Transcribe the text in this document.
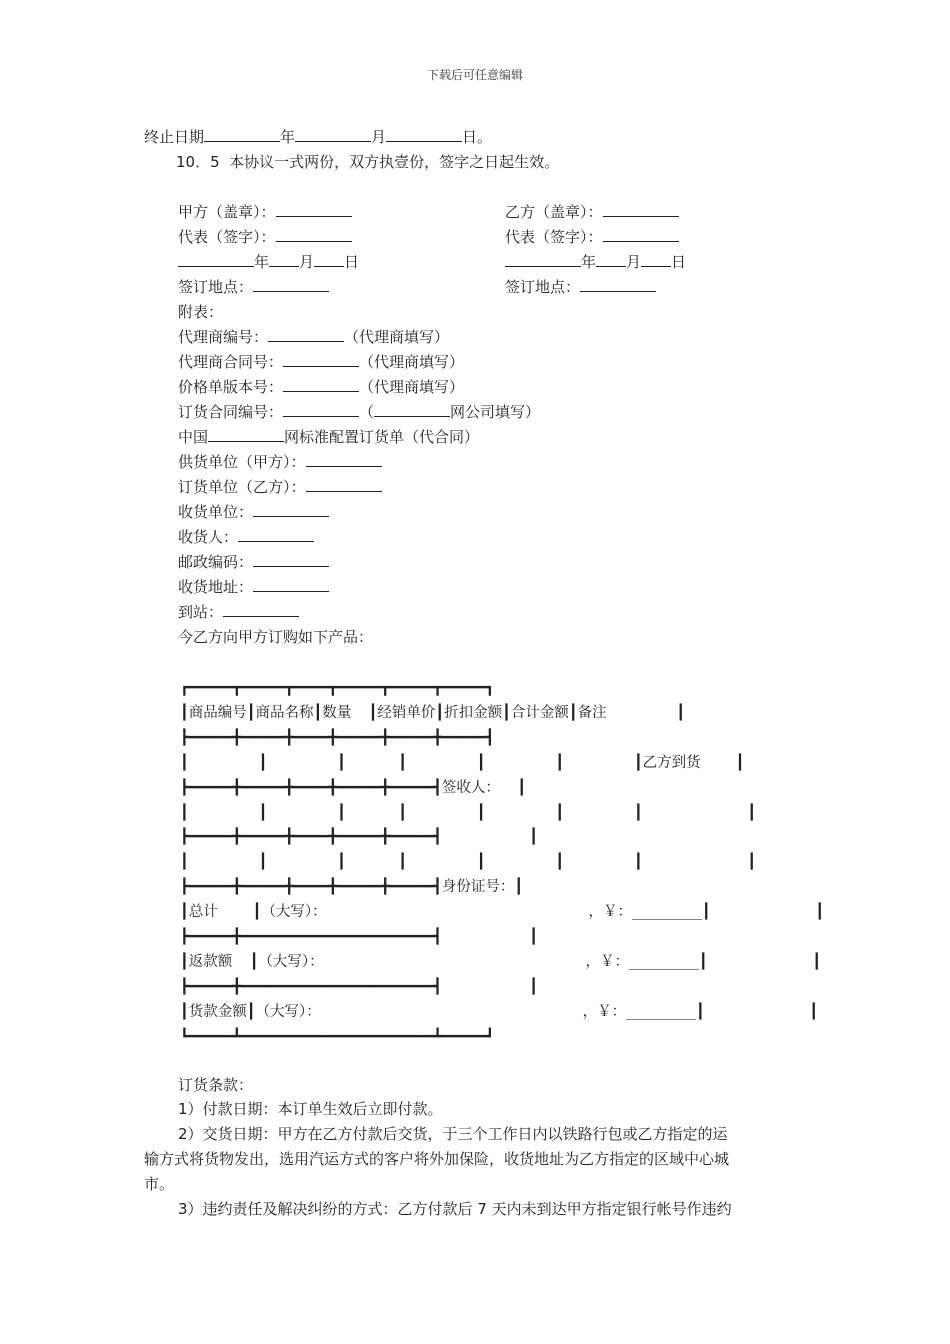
下载后可任意编辑
终止日期	年	月	日。
10．5  本协议一式两份，双方执壹份，签字之日起生效。
甲方（盖章）：	乙方（盖章）：
代表（签字）：	代表（签字）：
年 月 日	年 月 日
签订地点：	签订地点：
附表：
代理商编号：	（代理商填写）
代理商合同号：	（代理商填写）
价格单版本号：	（代理商填写）
订货合同编号：	（	网公司填写）
中国	网标准配置订货单（代合同）
供货单位（甲方）：
订货单位（乙方）：
收货单位：
收货人：
邮政编码：
收货地址：
到站：
今乙方向甲方订购如下产品：
┏━━━━━┳━━━━━┳━━━━┳━━━━━┳━━━━━┳━━━━━┓
┃商品编号┃商品名称┃数量  ┃经销单价┃折扣金额┃合计金额┃备注        ┃
┣━━━━━╋━━━━━╋━━━━╋━━━━━╋━━━━━╋━━━━━┫
┃        ┃        ┃      ┃        ┃        ┃        ┃乙方到货    ┃
┣━━━━━╋━━━━━╋━━━━╋━━━━━╋━━━━━┫签收人：  ┃
┃        ┃        ┃      ┃        ┃        ┃        ┃            ┃
┣━━━━━╋━━━━━╋━━━━╋━━━━━╋━━━━━┫          ┃
┃        ┃        ┃      ┃        ┃        ┃        ┃            ┃
┣━━━━━╋━━━━━╋━━━━╋━━━━━╋━━━━━┫身份证号：┃
┃总计    ┃（大写）：                              ，￥：________┃            ┃
┣━━━━━╋━━━━━━━━━━━━━━━━━━━━━━┫          ┃
┃返款额  ┃（大写）：                              ，￥：________┃            ┃
┣━━━━━╋━━━━━━━━━━━━━━━━━━━━━━┫          ┃
┃货款金额┃（大写）：                              ，￥：________┃            ┃
┗━━━━━┻━━━━━━━━━━━━━━━━━━━━━━┻━━━━━┛
订货条款：
1）付款日期：本订单生效后立即付款。
2）交货日期：甲方在乙方付款后交货，于三个工作日内以铁路行包或乙方指定的运
输方式将货物发出，选用汽运方式的客户将外加保险，收货地址为乙方指定的区域中心城
市。
3）违约责任及解决纠纷的方式：乙方付款后 7 天内未到达甲方指定银行帐号作违约
